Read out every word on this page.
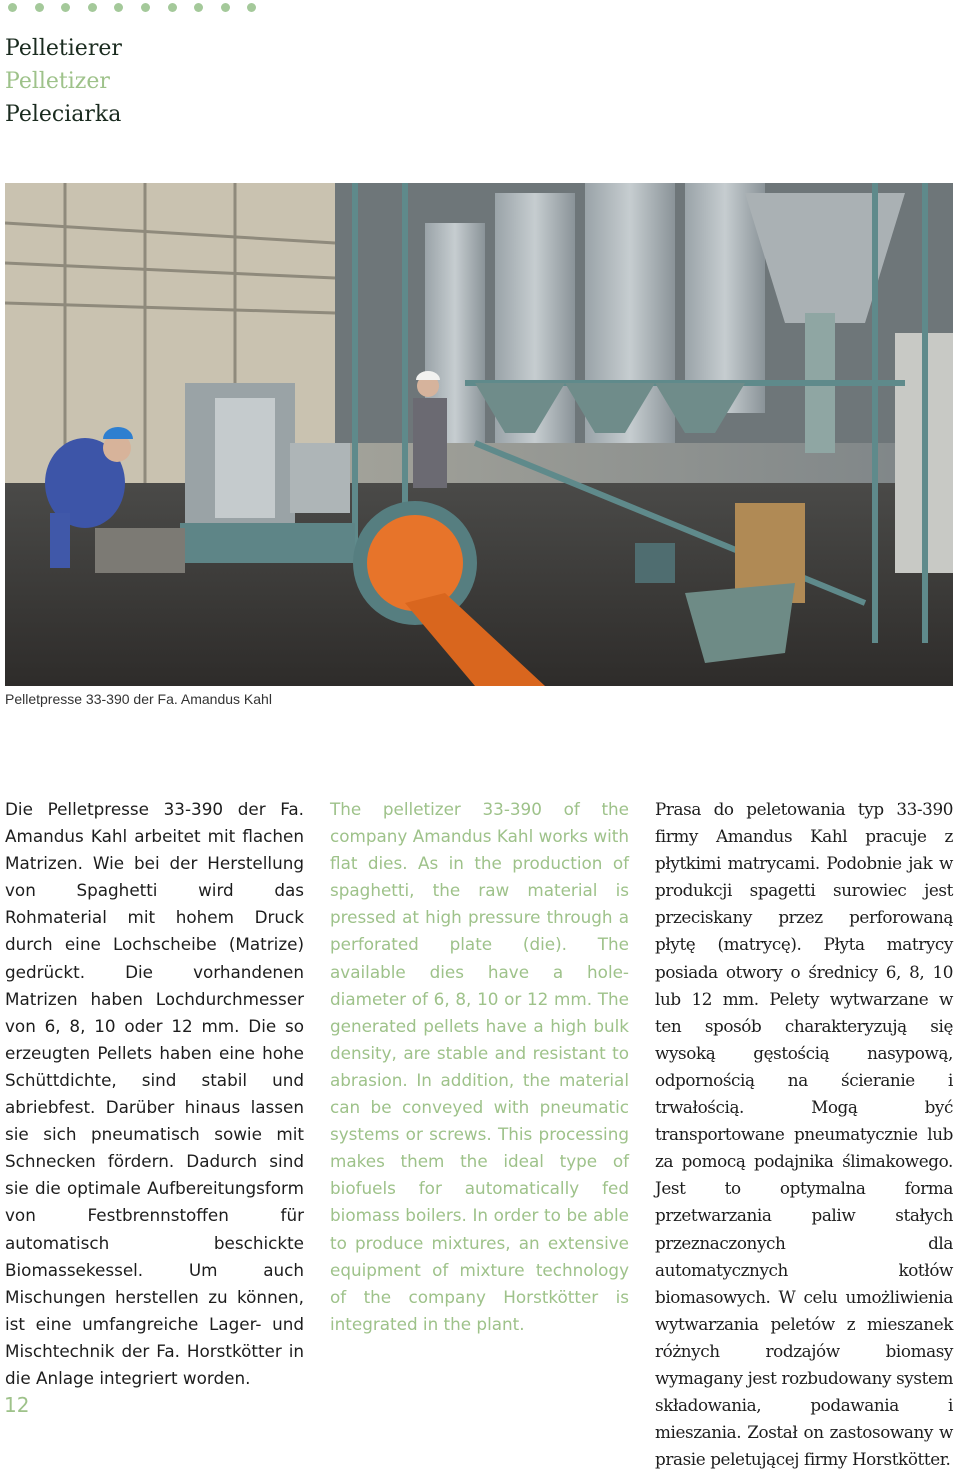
Pelletierer

Pelletizer

Peleciarka

Pelletpresse 33-390 der Fa. Amandus Kahl

Die Pelletpresse 33-390 der Fa. Amandus Kahl arbeitet mit flachen Matrizen. Wie bei der Herstellung von Spaghetti wird das Rohmaterial mit hohem Druck durch eine Lochscheibe (Matrize) gedrückt. Die vorhandenen Matrizen haben Lochdurchmesser von 6, 8, 10 oder 12 mm. Die so erzeugten Pellets haben eine hohe Schüttdichte, sind stabil und abriebfest. Darüber hinaus lassen sie sich pneumatisch sowie mit Schnecken fördern. Dadurch sind sie die optimale Aufbereitungsform von Festbrennstoffen für automatisch beschickte Biomassekessel. Um auch Mischungen herstellen zu können, ist eine umfangreiche Lager- und Mischtechnik der Fa. Horstkötter in die Anlage integriert worden.

The pelletizer 33-390 of the company Amandus Kahl works with flat dies. As in the production of spaghetti, the raw material is pressed at high pressure through a perforated plate (die). The available dies have a hole-diameter of 6, 8, 10 or 12 mm. The generated pellets have a high bulk density, are stable and resistant to abrasion. In addition, the material can be conveyed with pneumatic systems or screws. This processing makes them the ideal type of biofuels for automatically fed biomass boilers. In order to be able to produce mixtures, an extensive equipment of mixture technology of the company Horstkötter is integrated in the plant.

Prasa do peletowania typ 33-390 firmy Amandus Kahl pracuje z płytkimi matrycami. Podobnie jak w produkcji spagetti surowiec jest przeciskany przez perforowaną płytę (matrycę). Płyta matrycy posiada otwory o średnicy 6, 8, 10 lub 12 mm. Pelety wytwarzane w ten sposób charakteryzują się wysoką gęstością nasypową, odpornością na ścieranie i trwałością. Mogą być transportowane pneumatycznie lub za pomocą podajnika ślimakowego. Jest to optymalna forma przetwarzania paliw stałych przeznaczonych dla automatycznych kotłów biomasowych. W celu umożliwienia wytwarzania peletów z mieszanek różnych rodzajów biomasy wymagany jest rozbudowany system składowania, podawania i mieszania. Został on zastosowany w prasie peletującej firmy Horstkötter.

12
